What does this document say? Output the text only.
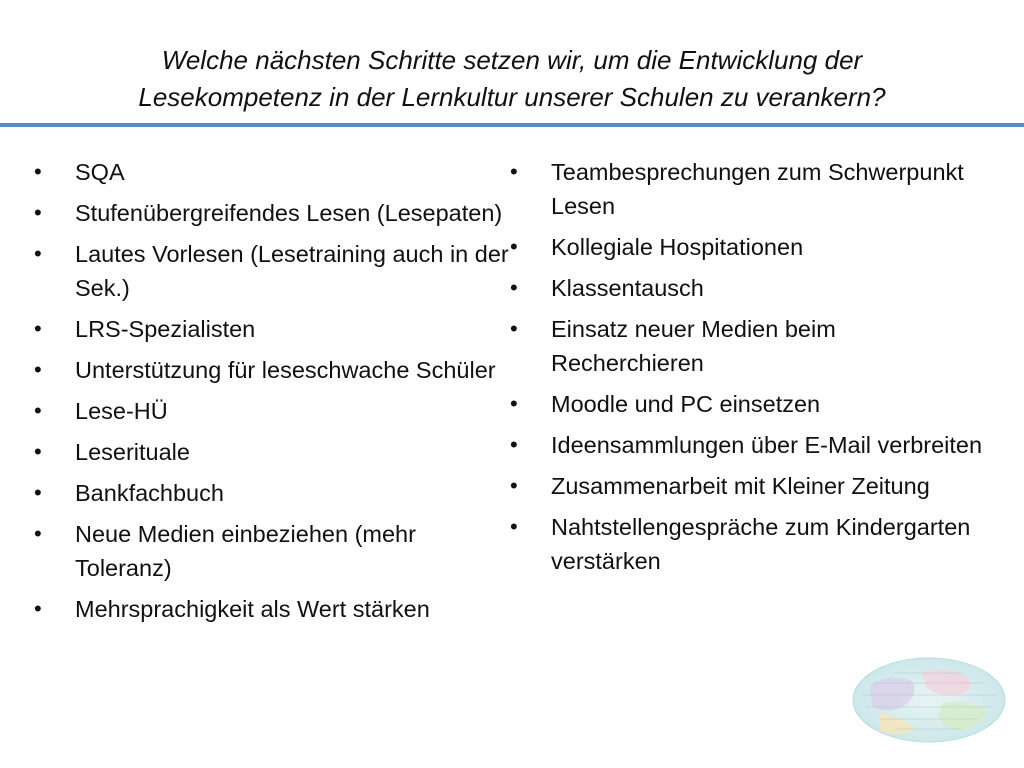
Welche nächsten Schritte setzen wir, um die Entwicklung der
Lesekompetenz in der Lernkultur unserer Schulen zu verankern?
•	SQA
•	Stufenübergreifendes Lesen (Lesepaten)
•	Lautes Vorlesen (Lesetraining auch in der Sek.)
•	LRS-Spezialisten
•	Unterstützung für leseschwache Schüler
•	Lese-HÜ
•	Leserituale
•	Bankfachbuch
•	Neue Medien einbeziehen (mehr Toleranz)
•	Mehrsprachigkeit als Wert stärken
•	Teambesprechungen zum Schwerpunkt Lesen
•	Kollegiale Hospitationen
•	Klassentausch
•	Einsatz neuer Medien beim Recherchieren
•	Moodle und PC einsetzen
•	Ideensammlungen über E-Mail verbreiten
•	Zusammenarbeit mit Kleiner Zeitung
•	Nahtstellengespräche zum Kindergarten verstärken
